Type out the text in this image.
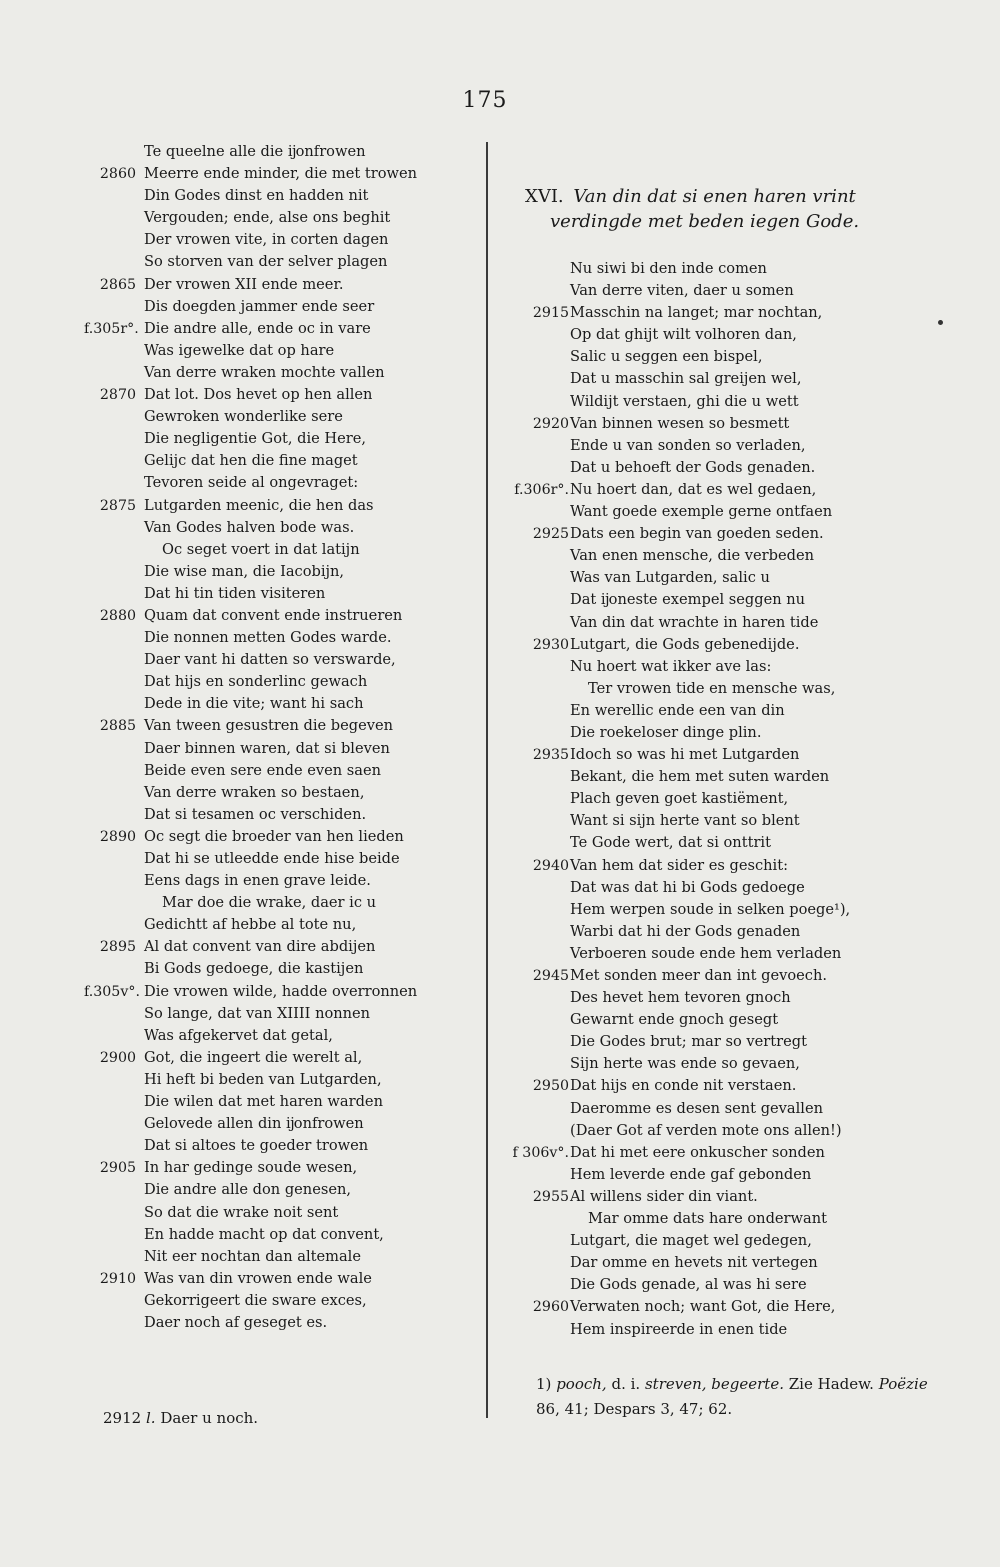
175
Te queelne alle die ĳonfrowen
2860 Meerre ende minder, die met trowen
Din Godes dinst en hadden nit
Vergouden; ende, alse ons beghit
Der vrowen vite, in corten dagen
So storven van der selver plagen
2865 Der vrowen XII ende meer.
Dis doegden jammer ende seer
f.305r°. Die andre alle, ende oc in vare
Was igewelke dat op hare
Van derre wraken mochte vallen
2870 Dat lot. Dos hevet op hen allen
Gewroken wonderlike sere
Die negligentie Got, die Here,
Gelijc dat hen die fine maget
Tevoren seide al ongevraget:
2875 Lutgarden meenic, die hen das
Van Godes halven bode was.
Oc seget voert in dat latijn
Die wise man, die Iacobijn,
Dat hi tin tiden visiteren
2880 Quam dat convent ende instrueren
Die nonnen metten Godes warde.
Daer vant hi datten so verswarde,
Dat hijs en sonderlinc gewach
Dede in die vite; want hi sach
2885 Van tween gesustren die begeven
Daer binnen waren, dat si bleven
Beide even sere ende even saen
Van derre wraken so bestaen,
Dat si tesamen oc verschiden.
2890 Oc segt die broeder van hen lieden
Dat hi se utleedde ende hise beide
Eens dags in enen grave leide.
Mar doe die wrake, daer ic u
Gedichtt af hebbe al tote nu,
2895 Al dat convent van dire abdijen
Bi Gods gedoege, die kastijen
f.305v°. Die vrowen wilde, hadde overronnen
So lange, dat van XIIII nonnen
Was afgekervet dat getal,
2900 Got, die ingeert die werelt al,
Hi heft bi beden van Lutgarden,
Die wilen dat met haren warden
Gelovede allen din ĳonfrowen
Dat si altoes te goeder trowen
2905 In har gedinge soude wesen,
Die andre alle don genesen,
So dat die wrake noit sent
En hadde macht op dat convent,
Nit eer nochtan dan altemale
2910 Was van din vrowen ende wale
Gekorrigeert die sware exces,
Daer noch af geseget es.
XVI. Van din dat si enen haren vrint
verdingde met beden iegen Gode.
Nu siwi bi den inde comen
Van derre viten, daer u somen
2915 Masschin na langet; mar nochtan,
Op dat ghijt wilt volhoren dan,
Salic u seggen een bispel,
Dat u masschin sal greijen wel,
Wildijt verstaen, ghi die u wett
2920 Van binnen wesen so besmett
Ende u van sonden so verladen,
Dat u behoeft der Gods genaden.
f.306r°. Nu hoert dan, dat es wel gedaen,
Want goede exemple gerne ontfaen
2925 Dats een begin van goeden seden.
Van enen mensche, die verbeden
Was van Lutgarden, salic u
Dat ĳoneste exempel seggen nu
Van din dat wrachte in haren tide
2930 Lutgart, die Gods gebenedijde.
Nu hoert wat ikker ave las:
Ter vrowen tide en mensche was,
En werellic ende een van din
Die roekeloser dinge plin.
2935 Idoch so was hi met Lutgarden
Bekant, die hem met suten warden
Plach geven goet kastiëment,
Want si sijn herte vant so blent
Te Gode wert, dat si onttrit
2940 Van hem dat sider es geschit:
Dat was dat hi bi Gods gedoege
Hem werpen soude in selken poege¹),
Warbi dat hi der Gods genaden
Verboeren soude ende hem verladen
2945 Met sonden meer dan int gevoech.
Des hevet hem tevoren gnoch
Gewarnt ende gnoch gesegt
Die Godes brut; mar so vertregt
Sijn herte was ende so gevaen,
2950 Dat hijs en conde nit verstaen.
Daeromme es desen sent gevallen
(Daer Got af verden mote ons allen!)
f 306v°. Dat hi met eere onkuscher sonden
Hem leverde ende gaf gebonden
2955 Al willens sider din viant.
Mar omme dats hare onderwant
Lutgart, die maget wel gedegen,
Dar omme en hevets nit vertegen
Die Gods genade, al was hi sere
2960 Verwaten noch; want Got, die Here,
Hem inspireerde in enen tide
2912 l. Daer u noch.
1) pooch, d. i. streven, begeerte. Zie Hadew. Poëzie
86, 41; Despars 3, 47; 62.
